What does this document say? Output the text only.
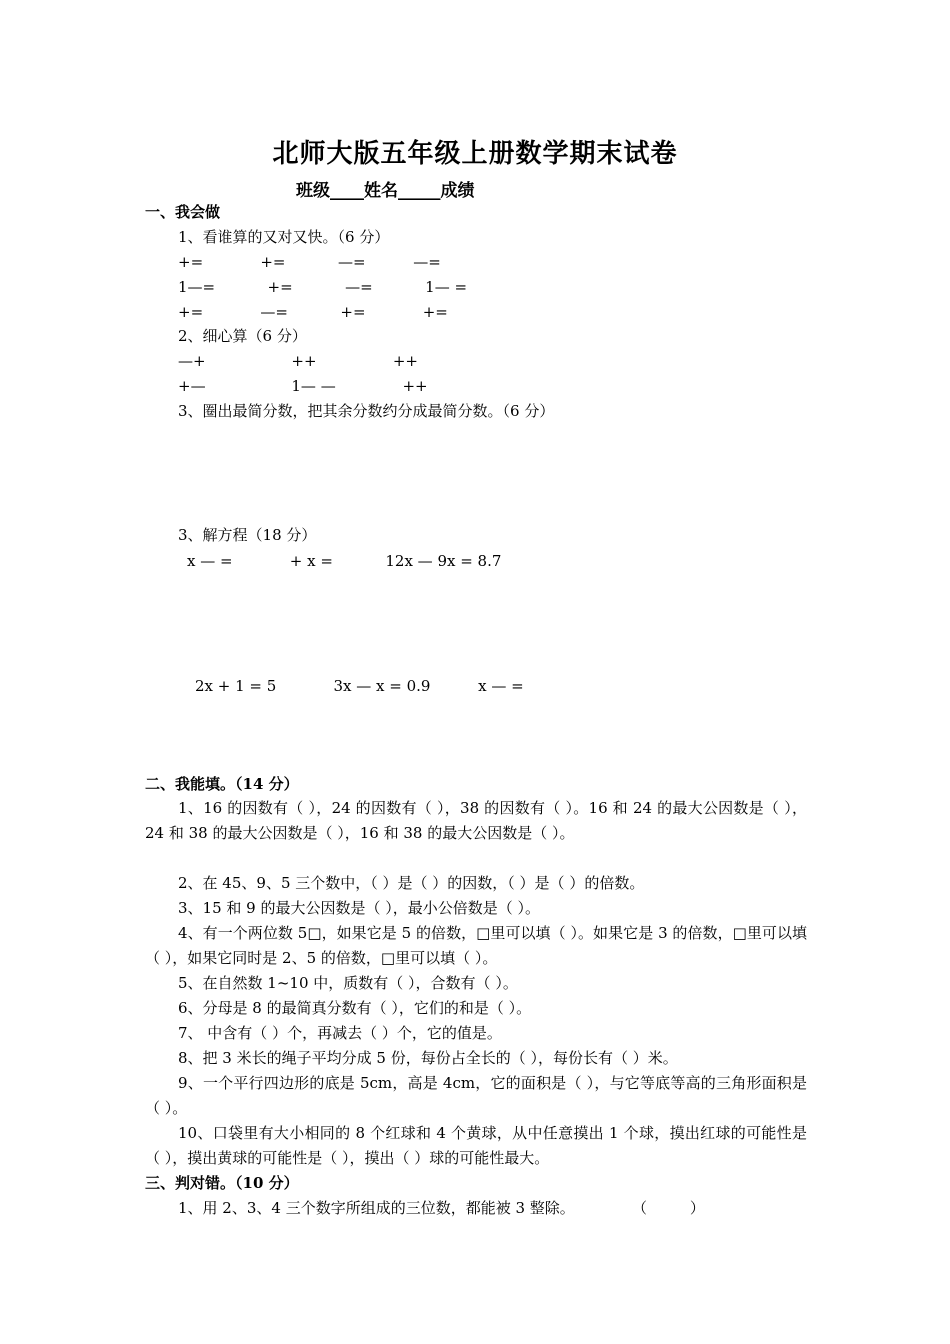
北师大版五年级上册数学期末试卷
班级____姓名_____成绩
一、我会做
1、看谁算的又对又快。（6 分）
+=            +=           —=          —=
1—=           +=           —=           1— =
+=            —=           +=            +=
2、细心算（6 分）
—+                  ++                ++
+—                  1— —              ++
3、圈出最简分数，把其余分数约分成最简分数。（6 分）
3、解方程（18 分）
x — =            + x =           12x — 9x = 8.7
2x + 1 = 5            3x — x = 0.9          x — =
二、我能填。（14 分）
1、16 的因数有（ ），24 的因数有（ ），38 的因数有（ ）。16 和 24 的最大公因数是（ ），24 和 38 的最大公因数是（ ），16 和 38 的最大公因数是（ ）。
2、在 45、9、5 三个数中，（ ）是（ ）的因数，（ ）是（ ）的倍数。
3、15 和 9 的最大公因数是（ ），最小公倍数是（ ）。
4、有一个两位数 5□，如果它是 5 的倍数，□里可以填（ ）。如果它是 3 的倍数，□里可以填（ ），如果它同时是 2、5 的倍数，□里可以填（ ）。
5、在自然数 1~10 中，质数有（ ），合数有（ ）。
6、分母是 8 的最简真分数有（ ），它们的和是（ ）。
7、 中含有（ ）个，再减去（ ）个，它的值是。
8、把 3 米长的绳子平均分成 5 份，每份占全长的（ ），每份长有（ ）米。
9、一个平行四边形的底是 5cm，高是 4cm，它的面积是（ ），与它等底等高的三角形面积是（ ）。
10、口袋里有大小相同的 8 个红球和 4 个黄球，从中任意摸出 1 个球，摸出红球的可能性是（ ），摸出黄球的可能性是（ ），摸出（ ）球的可能性最大。
三、判对错。（10 分）
1、用 2、3、4 三个数字所组成的三位数，都能被 3 整除。            （         ）
